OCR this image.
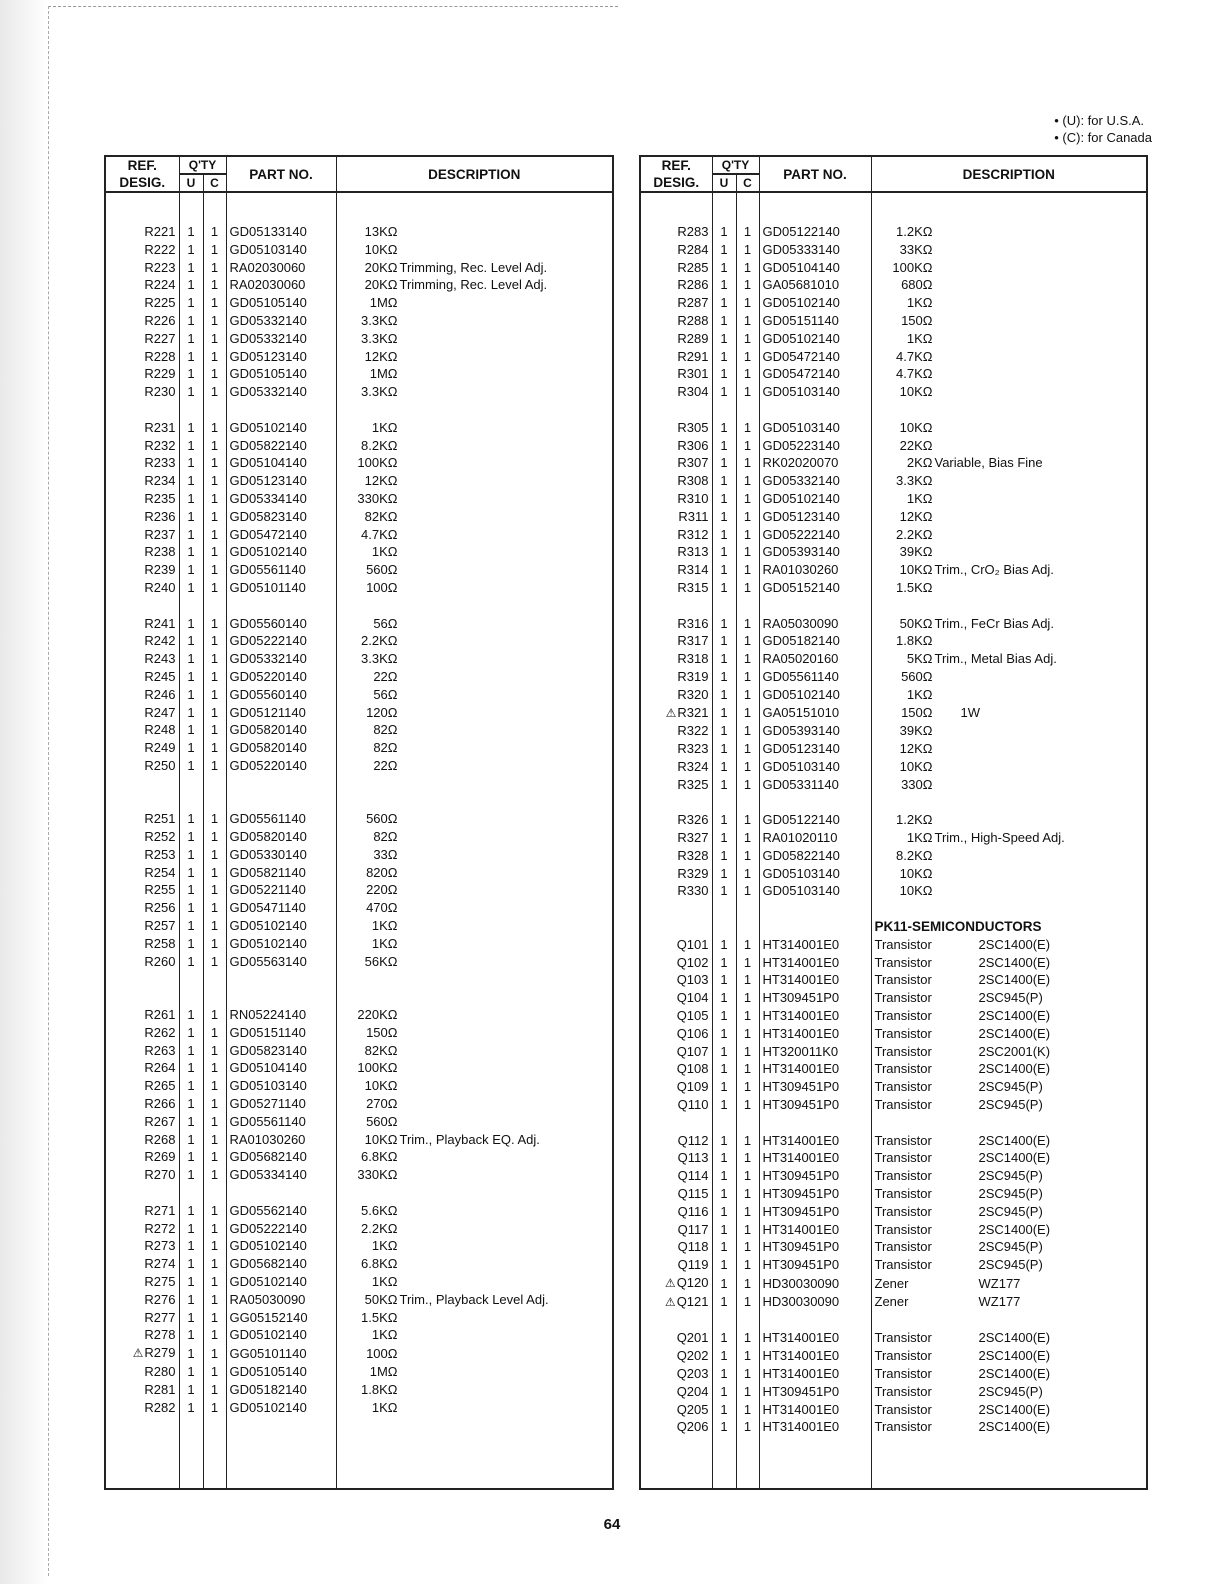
• (U): for U.S.A.
• (C): for Canada
REF.
DESIG.	Q'TY		PART NO.	DESCRIPTION
	U	C		

R221	1	1	GD05133140	13KΩ
R222	1	1	GD05103140	10KΩ
R223	1	1	RA02030060	20KΩ Trimming, Rec. Level Adj.
R224	1	1	RA02030060	20KΩ Trimming, Rec. Level Adj.
R225	1	1	GD05105140	1MΩ
R226	1	1	GD05332140	3.3KΩ
R227	1	1	GD05332140	3.3KΩ
R228	1	1	GD05123140	12KΩ
R229	1	1	GD05105140	1MΩ
R230	1	1	GD05332140	3.3KΩ

R231	1	1	GD05102140	1KΩ
R232	1	1	GD05822140	8.2KΩ
R233	1	1	GD05104140	100KΩ
R234	1	1	GD05123140	12KΩ
R235	1	1	GD05334140	330KΩ
R236	1	1	GD05823140	82KΩ
R237	1	1	GD05472140	4.7KΩ
R238	1	1	GD05102140	1KΩ
R239	1	1	GD05561140	560Ω
R240	1	1	GD05101140	100Ω

R241	1	1	GD05560140	56Ω
R242	1	1	GD05222140	2.2KΩ
R243	1	1	GD05332140	3.3KΩ
R245	1	1	GD05220140	22Ω
R246	1	1	GD05560140	56Ω
R247	1	1	GD05121140	120Ω
R248	1	1	GD05820140	82Ω
R249	1	1	GD05820140	82Ω
R250	1	1	GD05220140	22Ω

R251	1	1	GD05561140	560Ω
R252	1	1	GD05820140	82Ω
R253	1	1	GD05330140	33Ω
R254	1	1	GD05821140	820Ω
R255	1	1	GD05221140	220Ω
R256	1	1	GD05471140	470Ω
R257	1	1	GD05102140	1KΩ
R258	1	1	GD05102140	1KΩ
R260	1	1	GD05563140	56KΩ

R261	1	1	RN05224140	220KΩ
R262	1	1	GD05151140	150Ω
R263	1	1	GD05823140	82KΩ
R264	1	1	GD05104140	100KΩ
R265	1	1	GD05103140	10KΩ
R266	1	1	GD05271140	270Ω
R267	1	1	GD05561140	560Ω
R268	1	1	RA01030260	10KΩ Trim., Playback EQ. Adj.
R269	1	1	GD05682140	6.8KΩ
R270	1	1	GD05334140	330KΩ

R271	1	1	GD05562140	5.6KΩ
R272	1	1	GD05222140	2.2KΩ
R273	1	1	GD05102140	1KΩ
R274	1	1	GD05682140	6.8KΩ
R275	1	1	GD05102140	1KΩ
R276	1	1	RA05030090	50KΩ Trim., Playback Level Adj.
R277	1	1	GG05152140	1.5KΩ
R278	1	1	GD05102140	1KΩ
⚠R279	1	1	GG05101140	100Ω
R280	1	1	GD05105140	1MΩ
R281	1	1	GD05182140	1.8KΩ
R282	1	1	GD05102140	1KΩ

REF.
DESIG.	Q'TY		PART NO.	DESCRIPTION
	U	C		

R283	1	1	GD05122140	1.2KΩ
R284	1	1	GD05333140	33KΩ
R285	1	1	GD05104140	100KΩ
R286	1	1	GA05681010	680Ω
R287	1	1	GD05102140	1KΩ
R288	1	1	GD05151140	150Ω
R289	1	1	GD05102140	1KΩ
R291	1	1	GD05472140	4.7KΩ
R301	1	1	GD05472140	4.7KΩ
R304	1	1	GD05103140	10KΩ

R305	1	1	GD05103140	10KΩ
R306	1	1	GD05223140	22KΩ
R307	1	1	RK02020070	2KΩ Variable, Bias Fine
R308	1	1	GD05332140	3.3KΩ
R310	1	1	GD05102140	1KΩ
R311	1	1	GD05123140	12KΩ
R312	1	1	GD05222140	2.2KΩ
R313	1	1	GD05393140	39KΩ
R314	1	1	RA01030260	10KΩ Trim., CrO₂ Bias Adj.
R315	1	1	GD05152140	1.5KΩ

R316	1	1	RA05030090	50KΩ Trim., FeCr Bias Adj.
R317	1	1	GD05182140	1.8KΩ
R318	1	1	RA05020160	5KΩ Trim., Metal Bias Adj.
R319	1	1	GD05561140	560Ω
R320	1	1	GD05102140	1KΩ
⚠R321	1	1	GA05151010	150Ω 1W
R322	1	1	GD05393140	39KΩ
R323	1	1	GD05123140	12KΩ
R324	1	1	GD05103140	10KΩ
R325	1	1	GD05331140	330Ω

R326	1	1	GD05122140	1.2KΩ
R327	1	1	RA01020110	1KΩ Trim., High-Speed Adj.
R328	1	1	GD05822140	8.2KΩ
R329	1	1	GD05103140	10KΩ
R330	1	1	GD05103140	10KΩ

				PK11-SEMICONDUCTORS
Q101	1	1	HT314001E0	Transistor 2SC1400(E)
Q102	1	1	HT314001E0	Transistor 2SC1400(E)
Q103	1	1	HT314001E0	Transistor 2SC1400(E)
Q104	1	1	HT309451P0	Transistor 2SC945(P)
Q105	1	1	HT314001E0	Transistor 2SC1400(E)
Q106	1	1	HT314001E0	Transistor 2SC1400(E)
Q107	1	1	HT320011K0	Transistor 2SC2001(K)
Q108	1	1	HT314001E0	Transistor 2SC1400(E)
Q109	1	1	HT309451P0	Transistor 2SC945(P)
Q110	1	1	HT309451P0	Transistor 2SC945(P)

Q112	1	1	HT314001E0	Transistor 2SC1400(E)
Q113	1	1	HT314001E0	Transistor 2SC1400(E)
Q114	1	1	HT309451P0	Transistor 2SC945(P)
Q115	1	1	HT309451P0	Transistor 2SC945(P)
Q116	1	1	HT309451P0	Transistor 2SC945(P)
Q117	1	1	HT314001E0	Transistor 2SC1400(E)
Q118	1	1	HT309451P0	Transistor 2SC945(P)
Q119	1	1	HT309451P0	Transistor 2SC945(P)
⚠Q120	1	1	HD30030090	Zener WZ177
⚠Q121	1	1	HD30030090	Zener WZ177

Q201	1	1	HT314001E0	Transistor 2SC1400(E)
Q202	1	1	HT314001E0	Transistor 2SC1400(E)
Q203	1	1	HT314001E0	Transistor 2SC1400(E)
Q204	1	1	HT309451P0	Transistor 2SC945(P)
Q205	1	1	HT314001E0	Transistor 2SC1400(E)
Q206	1	1	HT314001E0	Transistor 2SC1400(E)

64
